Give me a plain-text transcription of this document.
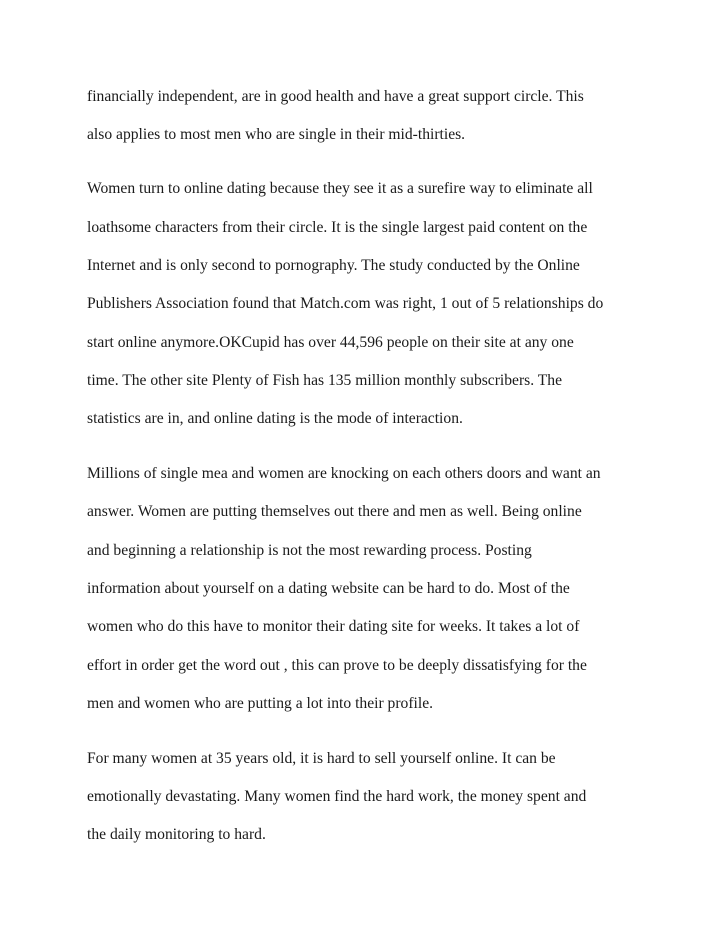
financially independent, are in good health and have a great support circle. This
also applies to most men who are single in their mid-thirties.
Women turn to online dating because they see it as a surefire way to eliminate all
loathsome characters from their circle. It is the single largest paid content on the
Internet and is only second to pornography. The study conducted by the Online
Publishers Association found that Match.com was right, 1 out of 5 relationships do
start online anymore.OKCupid has over 44,596 people on their site at any one
time. The other site Plenty of Fish has 135 million monthly subscribers. The
statistics are in, and online dating is the mode of interaction.
Millions of single mea and women are knocking on each others doors and want an
answer. Women are putting themselves out there and men as well. Being online
and beginning a relationship is not the most rewarding process. Posting
information about yourself on a dating website can be hard to do. Most of the
women who do this have to monitor their dating site for weeks. It takes a lot of
effort in order get the word out , this can prove to be deeply dissatisfying for the
men and women who are putting a lot into their profile.
For many women at 35 years old, it is hard to sell yourself online. It can be
emotionally devastating. Many women find the hard work, the money spent and
the daily monitoring to hard.
